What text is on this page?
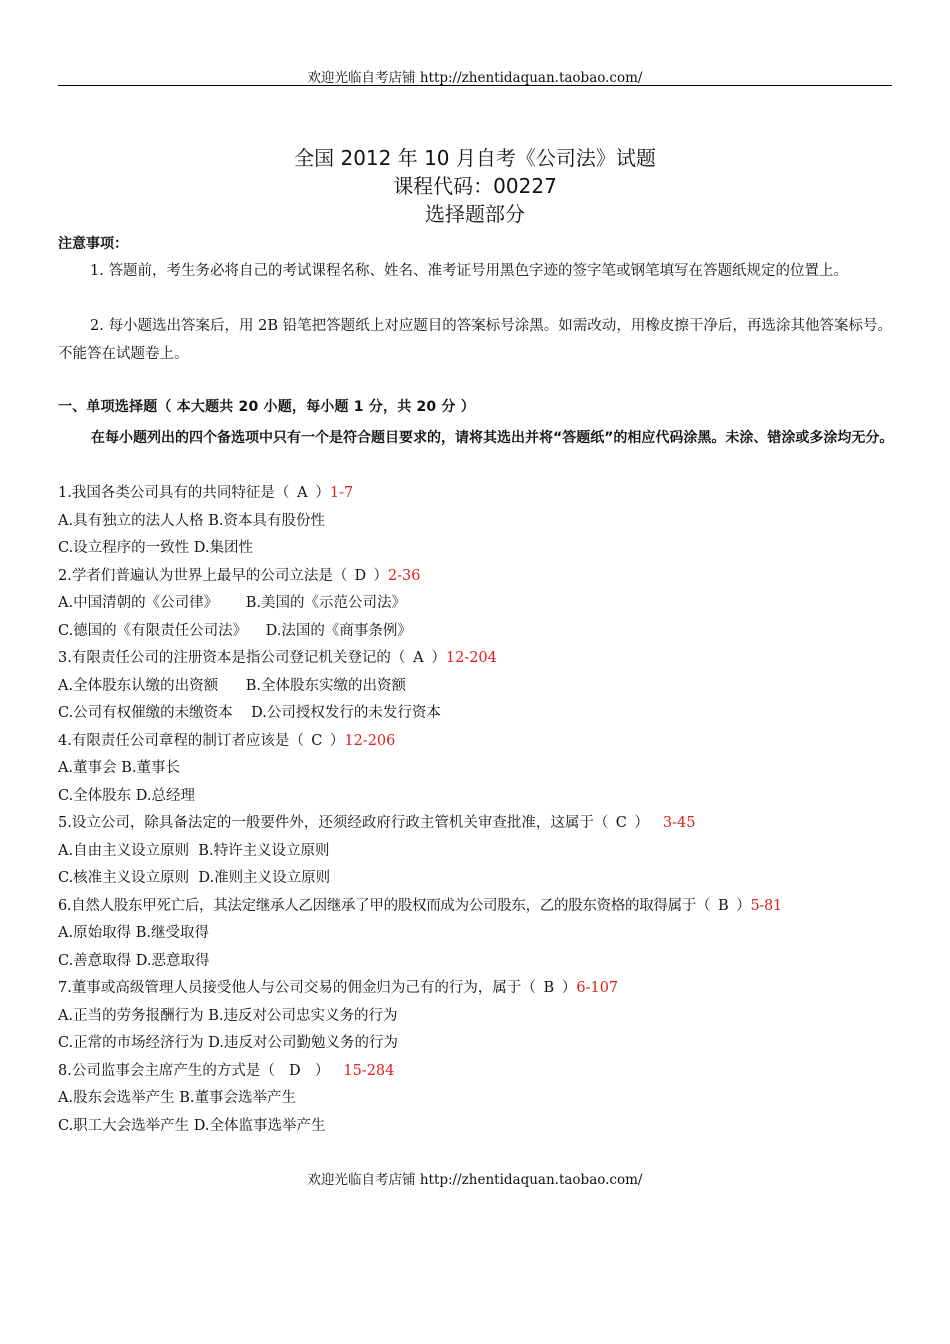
欢迎光临自考店铺 http://zhentidaquan.taobao.com/
全国 2012 年 10 月自考《公司法》试题
课程代码：00227
选择题部分
注意事项：
1. 答题前，考生务必将自己的考试课程名称、姓名、准考证号用黑色字迹的签字笔或钢笔填写在答题纸规定的位置上。
2. 每小题选出答案后，用 2B 铅笔把答题纸上对应题目的答案标号涂黑。如需改动，用橡皮擦干净后，再选涂其他答案标号。不能答在试题卷上。
一、单项选择题（ 本大题共 20 小题，每小题 1 分，共 20 分 ）
在每小题列出的四个备选项中只有一个是符合题目要求的，请将其选出并将“答题纸”的相应代码涂黑。未涂、错涂或多涂均无分。
1.我国各类公司具有的共同特征是（ A ）1-7
A.具有独立的法人人格 B.资本具有股份性
C.设立程序的一致性 D.集团性
2.学者们普遍认为世界上最早的公司立法是（ D ）2-36
A.中国清朝的《公司律》      B.美国的《示范公司法》
C.德国的《有限责任公司法》    D.法国的《商事条例》
3.有限责任公司的注册资本是指公司登记机关登记的（ A ）12-204
A.全体股东认缴的出资额      B.全体股东实缴的出资额
C.公司有权催缴的未缴资本    D.公司授权发行的未发行资本
4.有限责任公司章程的制订者应该是（ C ）12-206
A.董事会 B.董事长
C.全体股东 D.总经理
5.设立公司，除具备法定的一般要件外，还须经政府行政主管机关审查批准，这属于（ C ） 3-45
A.自由主义设立原则  B.特许主义设立原则
C.核准主义设立原则  D.准则主义设立原则
6.自然人股东甲死亡后，其法定继承人乙因继承了甲的股权而成为公司股东，乙的股东资格的取得属于（ B ）5-81
A.原始取得 B.继受取得
C.善意取得 D.恶意取得
7.董事或高级管理人员接受他人与公司交易的佣金归为己有的行为，属于（ B ）6-107
A.正当的劳务报酬行为 B.违反对公司忠实义务的行为
C.正常的市场经济行为 D.违反对公司勤勉义务的行为
8.公司监事会主席产生的方式是（ D ） 15-284
A.股东会选举产生 B.董事会选举产生
C.职工大会选举产生 D.全体监事选举产生
欢迎光临自考店铺 http://zhentidaquan.taobao.com/
